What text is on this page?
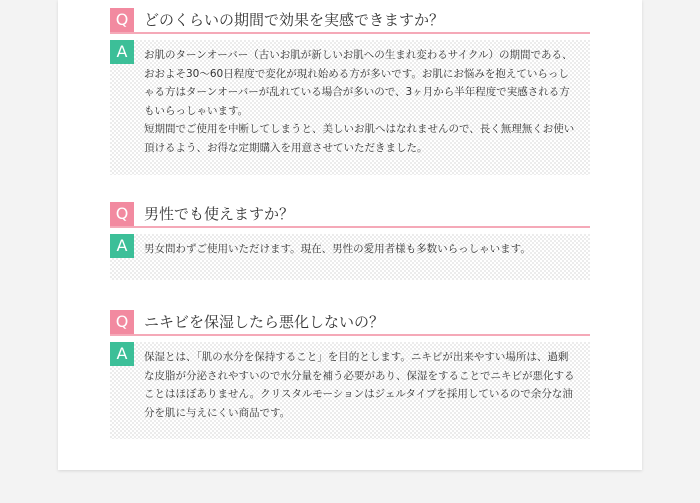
Q	どのくらいの期間で効果を実感できますか？
A	お肌のターンオーバー（古いお肌が新しいお肌への生まれ変わるサイクル）の期間である、おおよそ30〜60日程度で変化が現れ始める方が多いです。お肌にお悩みを抱えていらっしゃる方はターンオーバーが乱れている場合が多いので、3ヶ月から半年程度で実感される方もいらっしゃいます。

短期間でご使用を中断してしまうと、美しいお肌へはなれませんので、長く無理無くお使い頂けるよう、お得な定期購入を用意させていただきました。

Q	男性でも使えますか？
A	男女問わずご使用いただけます。現在、男性の愛用者様も多数いらっしゃいます。

Q	ニキビを保湿したら悪化しないの？
A	保湿とは、「肌の水分を保持すること」を目的とします。ニキビが出来やすい場所は、過剰な皮脂が分泌されやすいので水分量を補う必要があり、保湿をすることでニキビが悪化することはほぼありません。クリスタルモーションはジェルタイプを採用しているので余分な油分を肌に与えにくい商品です。
